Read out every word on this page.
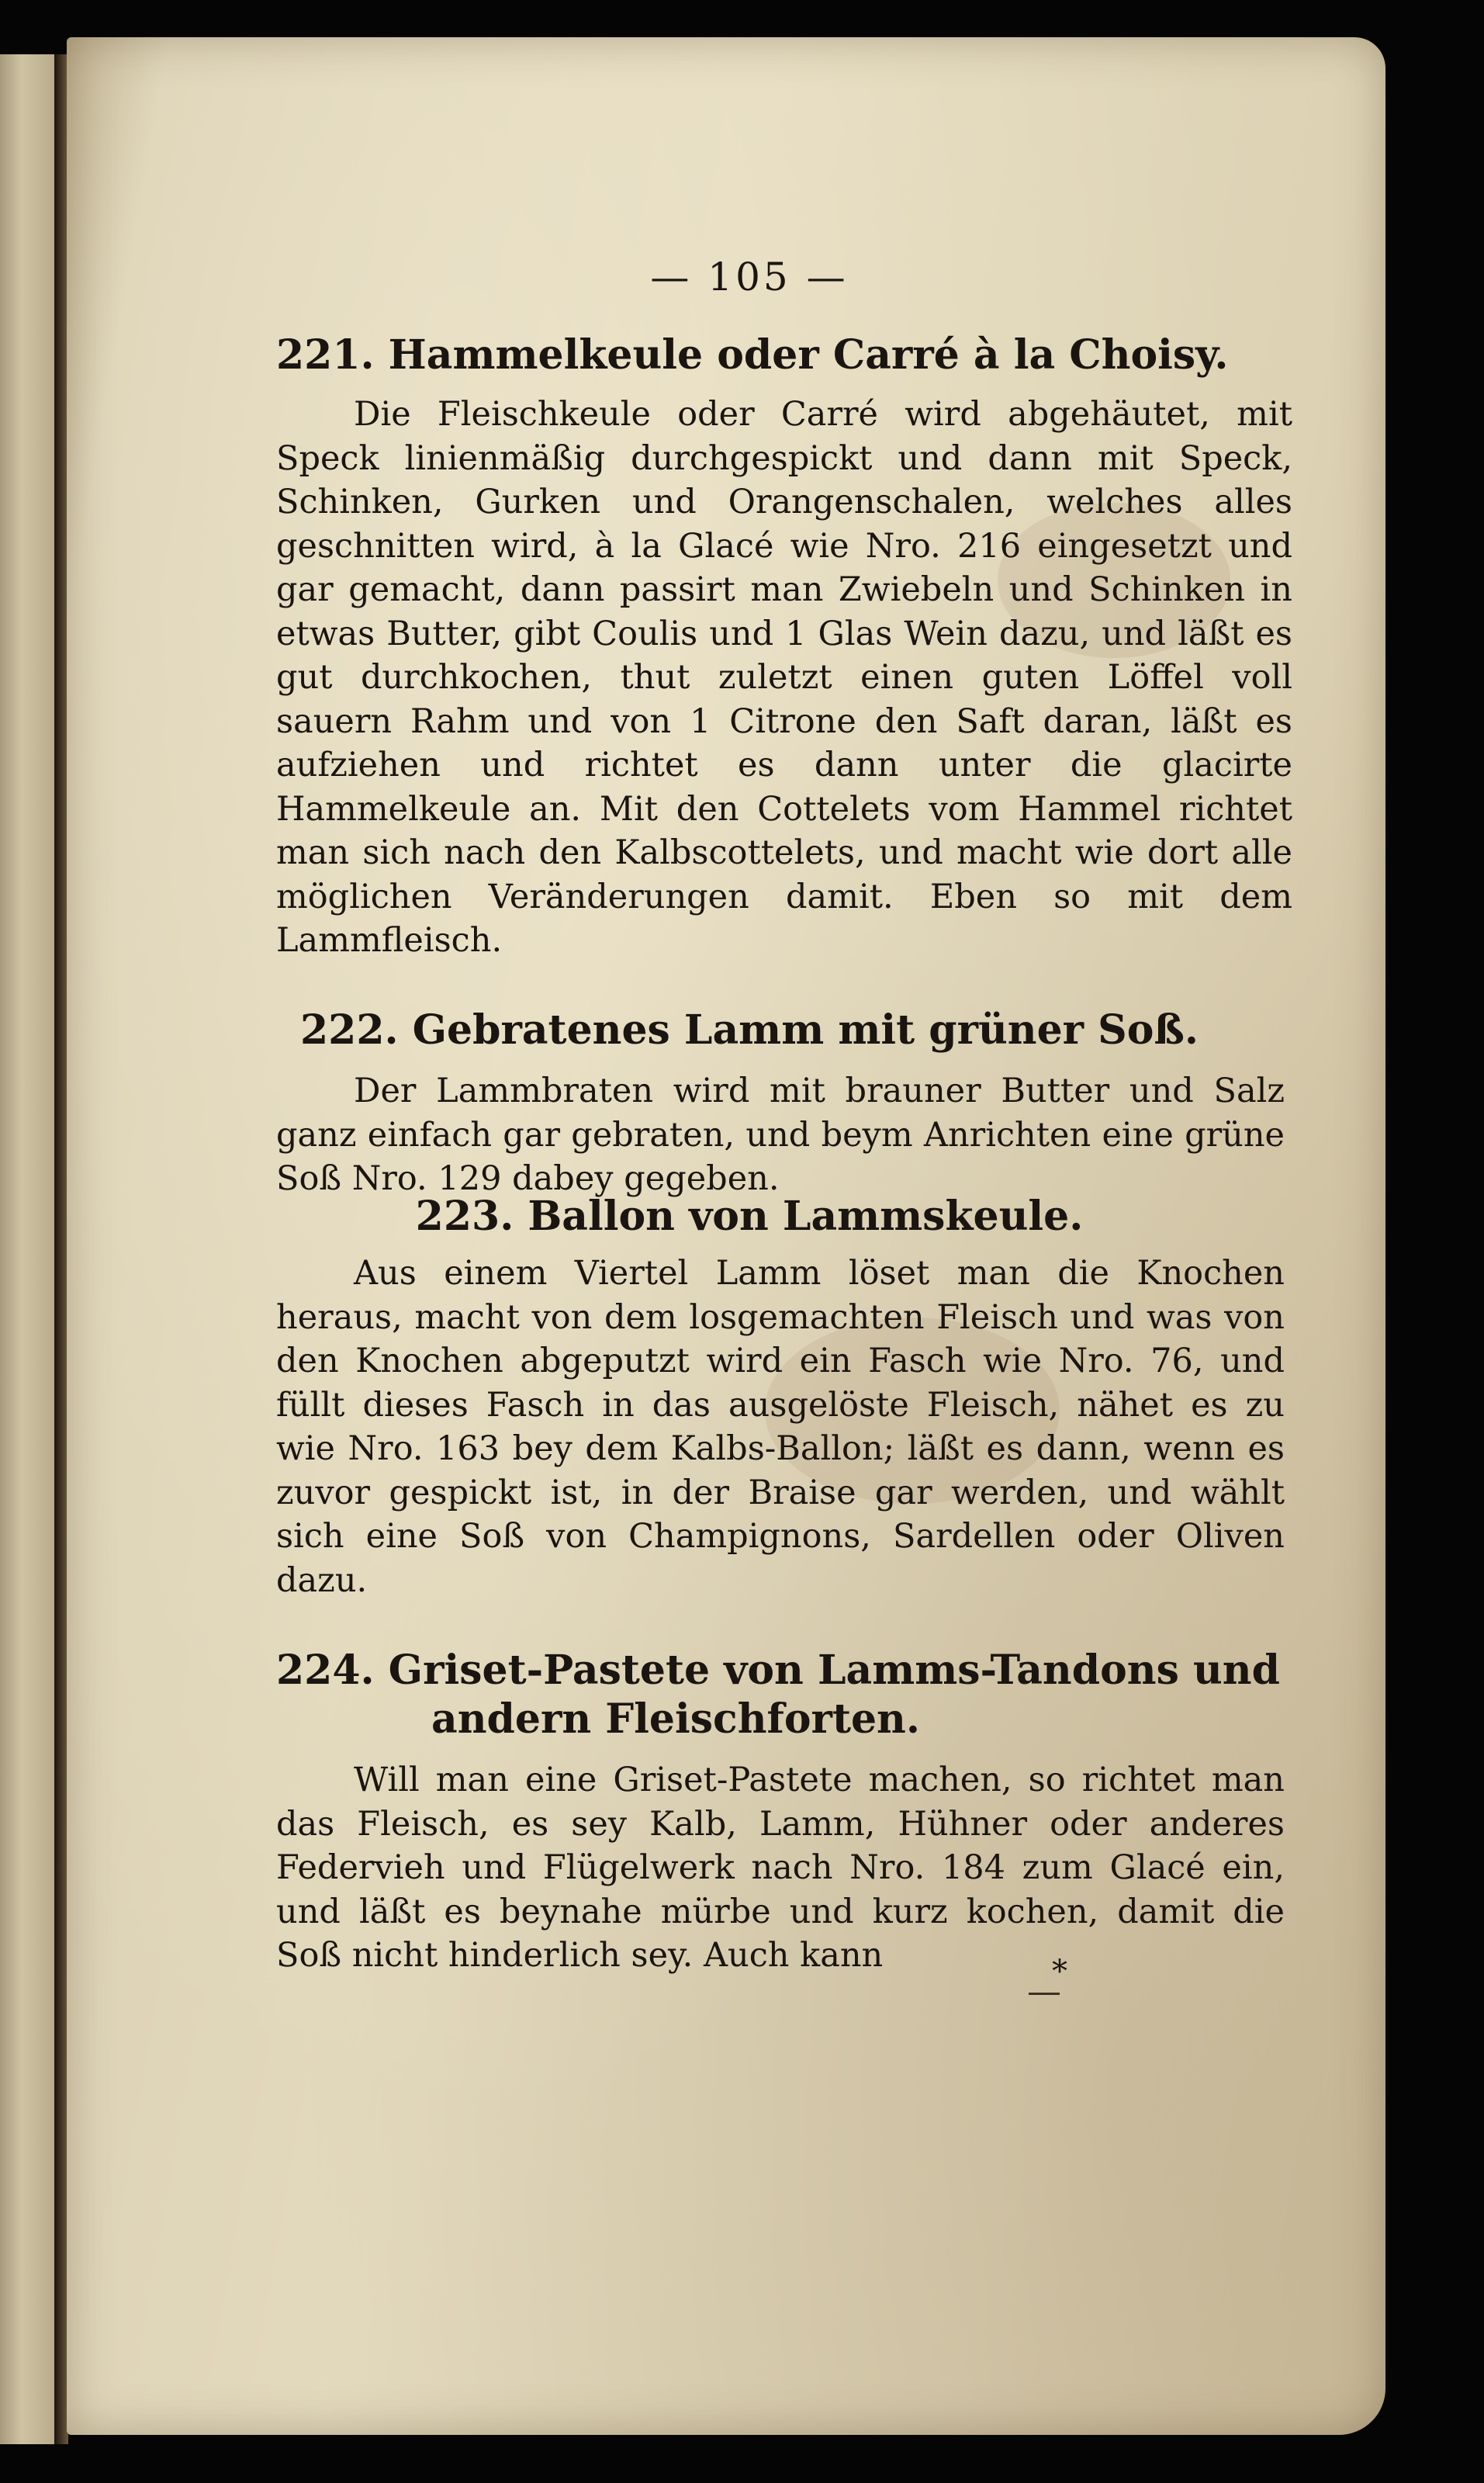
— 105 —
221. Hammelkeule oder Carré à la Choisy.

Die Fleischkeule oder Carré wird abgehäutet, mit Speck linienmäßig durchgespickt und dann mit Speck, Schinken, Gurken und Orangenschalen, welches alles geschnitten wird, à la Glacé wie Nro. 216 eingesetzt und gar gemacht, dann passirt man Zwiebeln und Schinken in etwas Butter, gibt Coulis und 1 Glas Wein dazu, und läßt es gut durchkochen, thut zuletzt einen guten Löffel voll sauern Rahm und von 1 Citrone den Saft daran, läßt es aufziehen und richtet es dann unter die glacirte Hammelkeule an. Mit den Cottelets vom Hammel richtet man sich nach den Kalbscottelets, und macht wie dort alle möglichen Veränderungen damit. Eben so mit dem Lammfleisch.

222. Gebratenes Lamm mit grüner Soß.

Der Lammbraten wird mit brauner Butter und Salz ganz einfach gar gebraten, und beym Anrichten eine grüne Soß Nro. 129 dabey gegeben.

223. Ballon von Lammskeule.

Aus einem Viertel Lamm löset man die Knochen heraus, macht von dem losgemachten Fleisch und was von den Knochen abgeputzt wird ein Fasch wie Nro. 76, und füllt dieses Fasch in das ausgelöste Fleisch, nähet es zu wie Nro. 163 bey dem Kalbs-Ballon; läßt es dann, wenn es zuvor gespickt ist, in der Braise gar werden, und wählt sich eine Soß von Champignons, Sardellen oder Oliven dazu.

224. Griset-Pastete von Lamms-Tandons und
andern Fleischforten.

Will man eine Griset-Pastete machen, so richtet man das Fleisch, es sey Kalb, Lamm, Hühner oder anderes Federvieh und Flügelwerk nach Nro. 184 zum Glacé ein, und läßt es beynahe mürbe und kurz kochen, damit die Soß nicht hinderlich sey. Auch kann	*
